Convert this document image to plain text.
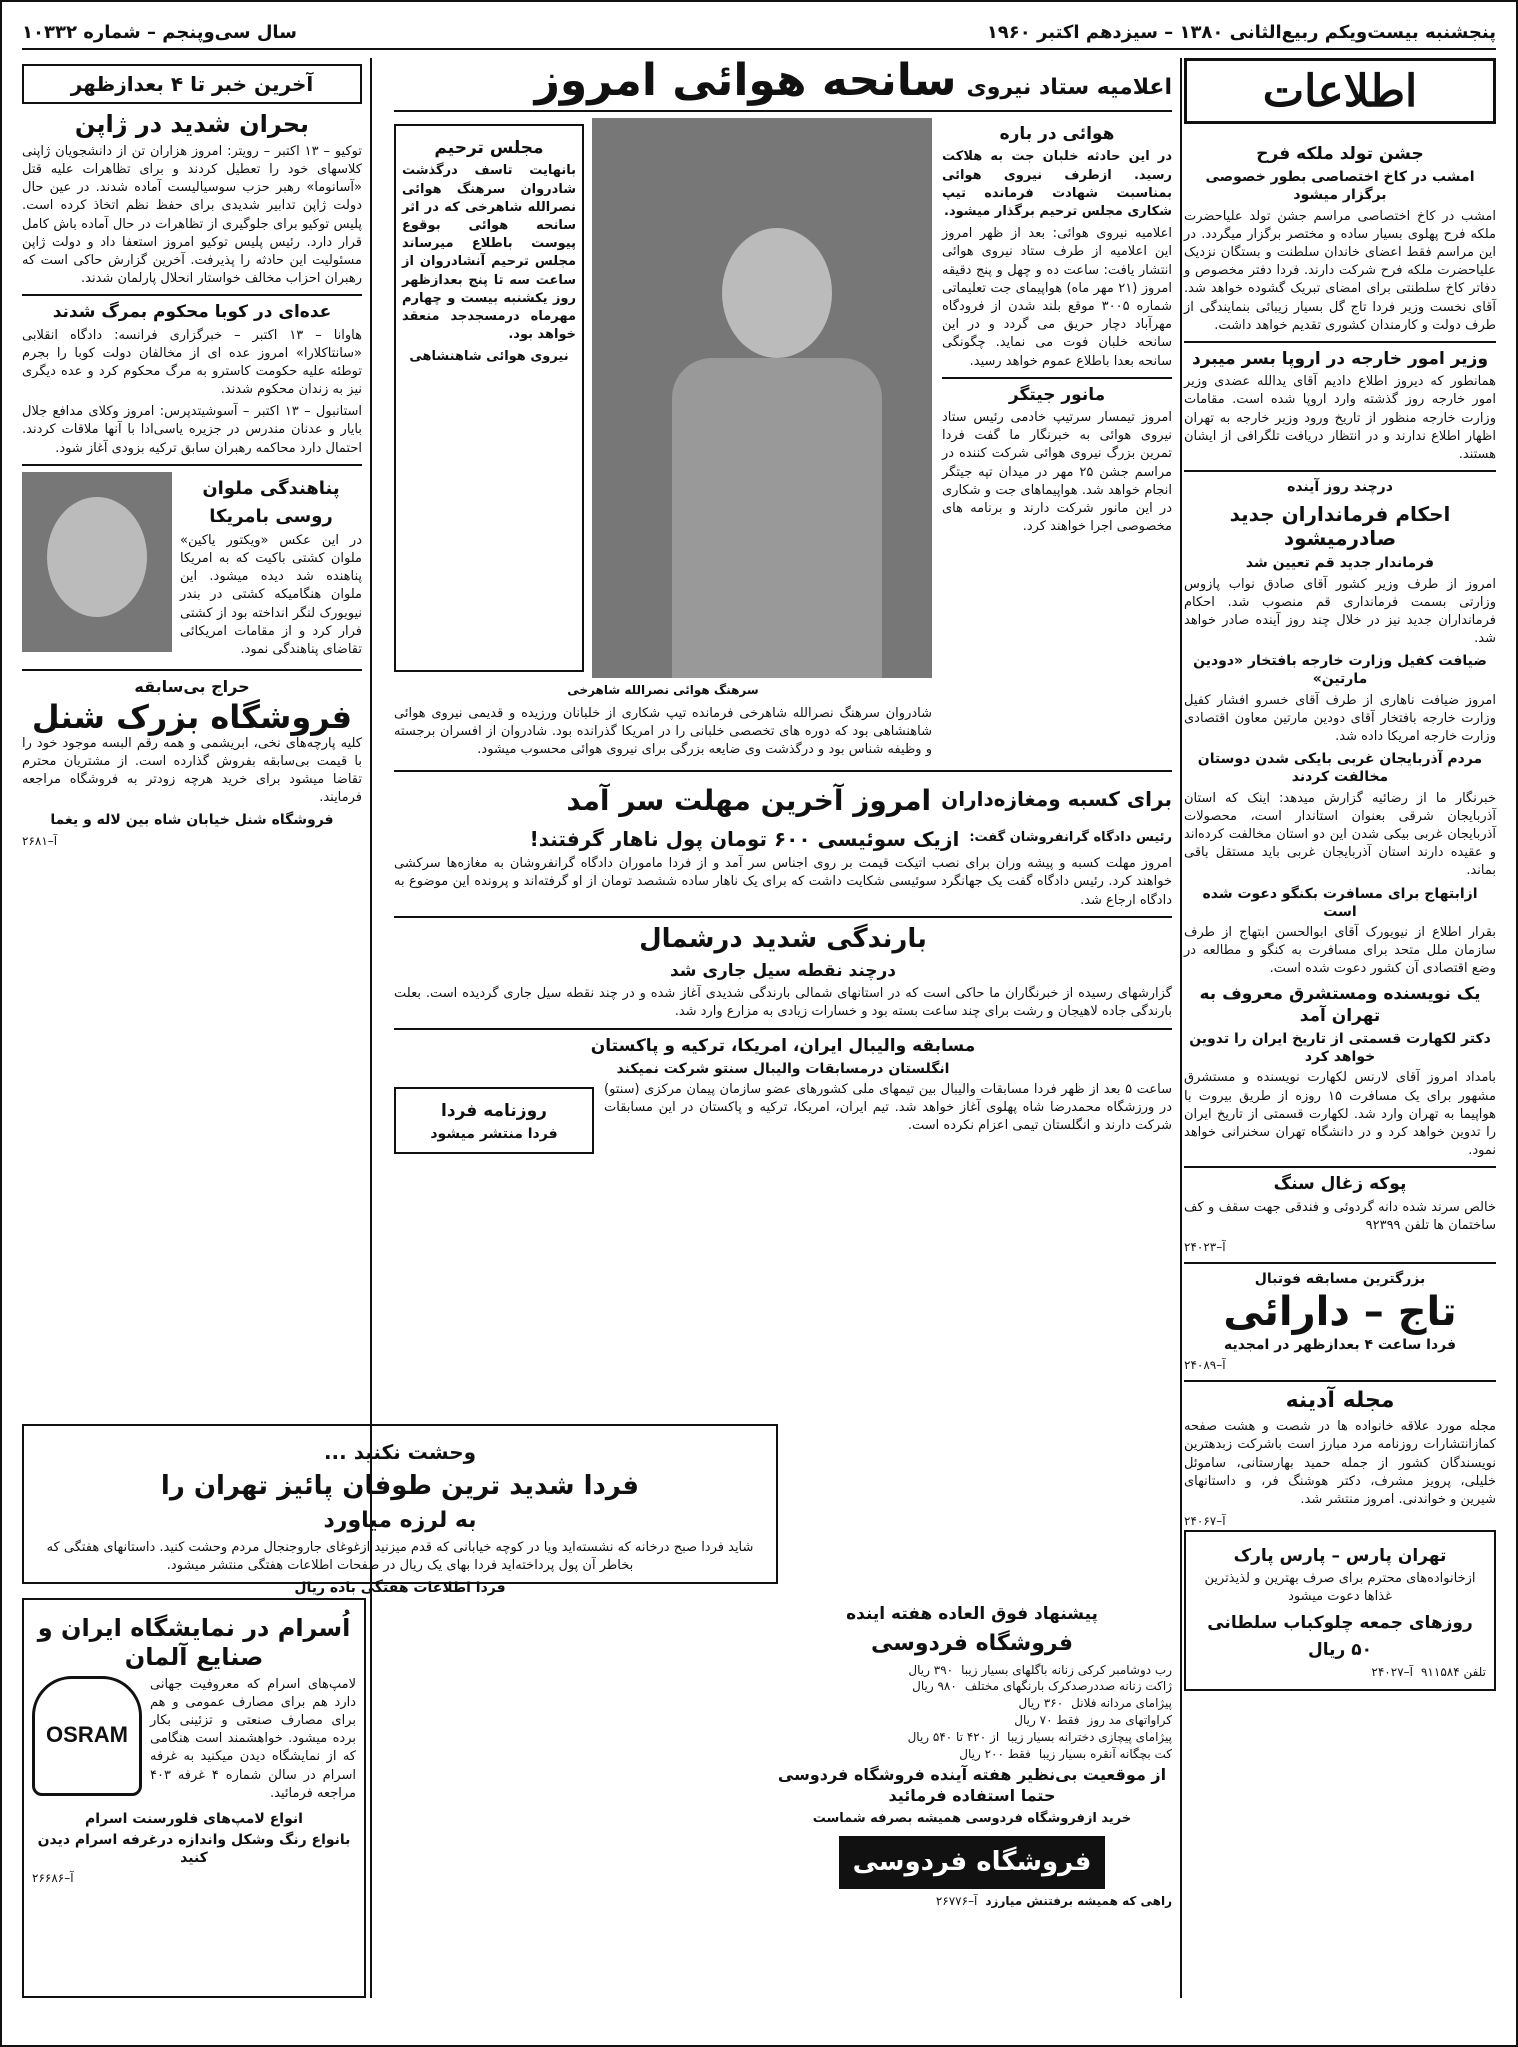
پنجشنبه بیست‌ویکم ربیع‌الثانی ۱۳۸۰ – سیزدهم اکتبر ۱۹۶۰
سال سی‌وپنجم – شماره ۱۰۳۳۲
اطلاعات
جشن تولد ملکه فرح
امشب در کاخ اختصاصی بطور خصوصی برگزار میشود

امشب در کاخ اختصاصی مراسم جشن تولد علیاحضرت ملکه فرح پهلوی بسیار ساده و مختصر برگزار میگردد. در این مراسم فقط اعضای خاندان سلطنت و بستگان نزدیک علیاحضرت ملکه فرح شرکت دارند. فردا دفتر مخصوص و دفاتر کاخ سلطنتی برای امضای تبریک گشوده خواهد شد. آقای نخست وزیر فردا تاج گل بسیار زیبائی بنمایندگی از طرف دولت و کارمندان کشوری تقدیم خواهد داشت.

وزیر امور خارجه در اروپا بسر میبرد

همانطور که دیروز اطلاع دادیم آقای یدالله عضدی وزیر امور خارجه روز گذشته وارد اروپا شده است. مقامات وزارت خارجه منظور از تاریخ ورود وزیر خارجه به تهران اظهار اطلاع ندارند و در انتظار دریافت تلگرافی از ایشان هستند.

درچند روز آینده
احکام فرمانداران جدید صادرمیشود
فرماندار جدید قم تعیین شد

امروز از طرف وزیر کشور آقای صادق نواب پازوس وزارتی بسمت فرمانداری قم منصوب شد. احکام فرمانداران جدید نیز در خلال چند روز آینده صادر خواهد شد.

ضیافت کفیل وزارت خارجه بافتخار «دودین مارتین»

امروز ضیافت ناهاری از طرف آقای خسرو افشار کفیل وزارت خارجه بافتخار آقای دودین مارتین معاون اقتصادی وزارت خارجه امریکا داده شد.

مردم آذربایجان غربی بایکی شدن دوستان مخالفت کردند

خبرنگار ما از رضائیه گزارش میدهد: اینک که استان آذربایجان شرقی بعنوان استاندار است، محصولات آذربایجان غربی بیکی شدن این دو استان مخالفت کرده‌اند و عقیده دارند استان آذربایجان غربی باید مستقل باقی بماند.

ازابتهاج برای مسافرت بکنگو دعوت شده است

بقرار اطلاع از نیویورک آقای ابوالحسن ابتهاج از طرف سازمان ملل متحد برای مسافرت به کنگو و مطالعه در وضع اقتصادی آن کشور دعوت شده است.

یک نویسنده ومستشرق معروف به تهران آمد
دکتر لکهارت قسمتی از تاریخ ایران را تدوین خواهد کرد

بامداد امروز آقای لارنس لکهارت نویسنده و مستشرق مشهور برای یک مسافرت ۱۵ روزه از طریق بیروت با هواپیما به تهران وارد شد. لکهارت قسمتی از تاریخ ایران را تدوین خواهد کرد و در دانشگاه تهران سخنرانی خواهد نمود.

پوکه زغال سنگ

خالص سرند شده دانه گردوئی و فندقی جهت سقف و کف ساختمان ها تلفن ۹۲۳۹۹

آ–۲۴۰۲۳
بزرگترین مسابقه فوتبال
تاج – دارائی
فردا ساعت ۴ بعدازظهر در امجدیه
آ–۲۴۰۸۹
مجله آدینه

مجله مورد علاقه خانواده ها در شصت و هشت صفحه کمازانتشارات روزنامه مرد مبارز است باشرکت زبدهترین نویسندگان کشور از جمله حمید بهارستانی، ساموئل خلیلی، پرویز مشرف، دکتر هوشنگ فر، و داستانهای شیرین و خواندنی. امروز منتشر شد.

آ–۲۴۰۶۷
تهران پارس – پارس پارک

ازخانواده‌های محترم برای صرف بهترین و لذیذترین غذاها دعوت میشود

روزهای جمعه چلوکباب سلطانی
۵۰ ریال
تلفن ۹۱۱۵۸۴
آ–۲۴۰۲۷
اعلامیه ستاد نیروی
سانحه هوائی امروز
هوائی در باره

در این حادثه خلبان جت به هلاکت رسید. ازطرف نیروی هوائی بمناسبت شهادت فرمانده تیپ شکاری مجلس ترحیم برگذار میشود.

اعلامیه نیروی هوائی: بعد از ظهر امروز این اعلامیه از طرف ستاد نیروی هوائی انتشار یافت: ساعت ده و چهل و پنج دقیقه امروز (۲۱ مهر ماه) هواپیمای جت تعلیماتی شماره ۳۰۰۵ موقع بلند شدن از فرودگاه مهرآباد دچار حریق می گردد و در این سانحه خلبان فوت می نماید. چگونگی سانحه بعدا باطلاع عموم خواهد رسید.

مانور جیتگر

امروز تیمسار سرتیپ خادمی رئیس ستاد نیروی هوائی به خبرنگار ما گفت فردا تمرین بزرگ نیروی هوائی شرکت کننده در مراسم جشن ۲۵ مهر در میدان تپه جیتگر انجام خواهد شد. هواپیماهای جت و شکاری در این مانور شرکت دارند و برنامه های مخصوصی اجرا خواهند کرد.

مجلس ترحیم

بانهایت تاسف درگذشت شادروان سرهنگ هوائی نصرالله شاهرخی که در اثر سانحه هوائی بوقوع پیوست باطلاع میرساند مجلس ترحیم آنشادروان از ساعت سه تا پنج بعدازظهر روز یکشنبه بیست و چهارم مهرماه درمسجدجد منعقد خواهد بود.

نیروی هوائی شاهنشاهی

سرهنگ هوائی نصرالله شاهرخی

شادروان سرهنگ نصرالله شاهرخی فرمانده تیپ شکاری از خلبانان ورزیده و قدیمی نیروی هوائی شاهنشاهی بود که دوره های تخصصی خلبانی را در امریکا گذرانده بود. شادروان از افسران برجسته و وظیفه شناس بود و درگذشت وی ضایعه بزرگی برای نیروی هوائی محسوب میشود.

برای کسبه ومغازه‌داران
امروز آخرین مهلت سر آمد
رئیس دادگاه گرانفروشان گفت:
ازیک سوئیسی ۶۰۰ تومان پول ناهار گرفتند!

امروز مهلت کسبه و پیشه وران برای نصب اتیکت قیمت بر روی اجناس سر آمد و از فردا ماموران دادگاه گرانفروشان به مغازه‌ها سرکشی خواهند کرد. رئیس دادگاه گفت یک جهانگرد سوئیسی شکایت داشت که برای یک ناهار ساده ششصد تومان از او گرفته‌اند و پرونده این موضوع به دادگاه ارجاع شد.

بارندگی شدید درشمال
درچند نقطه سیل جاری شد

گزارشهای رسیده از خبرنگاران ما حاکی است که در استانهای شمالی بارندگی شدیدی آغاز شده و در چند نقطه سیل جاری گردیده است. بعلت بارندگی جاده لاهیجان و رشت برای چند ساعت بسته بود و خسارات زیادی به مزارع وارد شد.

مسابقه والیبال ایران، امریکا، ترکیه و پاکستان
انگلستان درمسابقات والیبال سنتو شرکت نمیکند

ساعت ۵ بعد از ظهر فردا مسابقات والیبال بین تیمهای ملی کشورهای عضو سازمان پیمان مرکزی (سنتو) در ورزشگاه محمدرضا شاه پهلوی آغاز خواهد شد. تیم ایران، امریکا، ترکیه و پاکستان در این مسابقات شرکت دارند و انگلستان تیمی اعزام نکرده است.

روزنامه فردا
فردا منتشر میشود
پیشنهاد فوق العاده هفته اینده
فروشگاه فردوسی
رب دوشامبر کرکی زنانه باگلهای بسیار زیبا
۳۹۰ ریال
ژاکت زنانه صددرصدکرک بارنگهای مختلف
۹۸۰ ریال
پیژامای مردانه فلانل
۳۶۰ ریال
کراواتهای مد روز
فقط ۷۰ ریال
پیژامای پیچازی دخترانه بسیار زیبا
از ۴۲۰ تا ۵۴۰ ریال
کت بچگانه آنقره بسیار زیبا
فقط ۲۰۰ ریال
از موقعیت بی‌نظیر هفته آینده فروشگاه فردوسی حتما استفاده فرمائید

خرید ازفروشگاه فردوسی همیشه بصرفه شماست

فروشگاه فردوسی
راهی که همیشه برفتنش میارزد
آ–۲۶۷۷۶
وحشت نکنید ...
فردا شدید ترین طوفان پائیز تهران را
به لرزه میاورد

شاید فردا صبح درخانه که نشسته‌اید ویا در کوچه خیابانی که قدم میزنید ازغوغای جاروجنجال مردم وحشت کنید. داستانهای هفتگی که بخاطر آن پول پرداخته‌اید فردا بهای یک ریال در صفحات اطلاعات هفتگی منتشر میشود.

فردا اطلاعات هفتگی باده ریال
آخرین خبر تا ۴ بعدازظهر
بحران شدید در ژاپن

توکیو – ۱۳ اکتبر – رویتر: امروز هزاران تن از دانشجویان ژاپنی کلاسهای خود را تعطیل کردند و برای تظاهرات علیه قتل «آسانوما» رهبر حزب سوسیالیست آماده شدند. در عین حال دولت ژاپن تدابیر شدیدی برای حفظ نظم اتخاذ کرده است. پلیس توکیو برای جلوگیری از تظاهرات در حال آماده باش کامل قرار دارد. رئیس پلیس توکیو امروز استعفا داد و دولت ژاپن مسئولیت این حادثه را پذیرفت. آخرین گزارش حاکی است که رهبران احزاب مخالف خواستار انحلال پارلمان شدند.

عده‌ای در کوبا محکوم بمرگ شدند

هاوانا – ۱۳ اکتبر – خبرگزاری فرانسه: دادگاه انقلابی «سانتاکلارا» امروز عده ای از مخالفان دولت کوبا را بجرم توطئه علیه حکومت کاسترو به مرگ محکوم کرد و عده دیگری نیز به زندان محکوم شدند.

استانبول – ۱۳ اکتبر – آسوشیتدپرس: امروز وکلای مدافع جلال بایار و عدنان مندرس در جزیره یاسی‌ادا با آنها ملاقات کردند. احتمال دارد محاکمه رهبران سابق ترکیه بزودی آغاز شود.

پناهندگی ملوان
روسی بامریکا

در این عکس «ویکتور یاکین» ملوان کشتی باکیت که به امریکا پناهنده شد دیده میشود. این ملوان هنگامیکه کشتی در بندر نیویورک لنگر انداخته بود از کشتی فرار کرد و از مقامات امریکائی تقاضای پناهندگی نمود.

حراج بی‌سابقه
فروشگاه بزرک شنل

کلیه پارچه‌های نخی، ابریشمی و همه رقم البسه موجود خود را با قیمت بی‌سابقه بفروش گذارده است. از مشتریان محترم تقاضا میشود برای خرید هرچه زودتر به فروشگاه مراجعه فرمایند.

فروشگاه شنل خیابان شاه بین لاله و یغما
آ–۲۶۸۱
اُسرام در نمایشگاه ایران و صنایع آلمان

لامپ‌های اسرام که معروفیت جهانی دارد هم برای مصارف عمومی و هم برای مصارف صنعتی و تزئینی بکار برده میشود. خواهشمند است هنگامی که از نمایشگاه دیدن میکنید به غرفه اسرام در سالن شماره ۴ غرفه ۴۰۳ مراجعه فرمائید.

OSRAM
انواع لامپ‌های فلورسنت اسرام
بانواع رنگ وشکل واندازه درغرفه اسرام دیدن کنید
آ–۲۶۶۸۶
